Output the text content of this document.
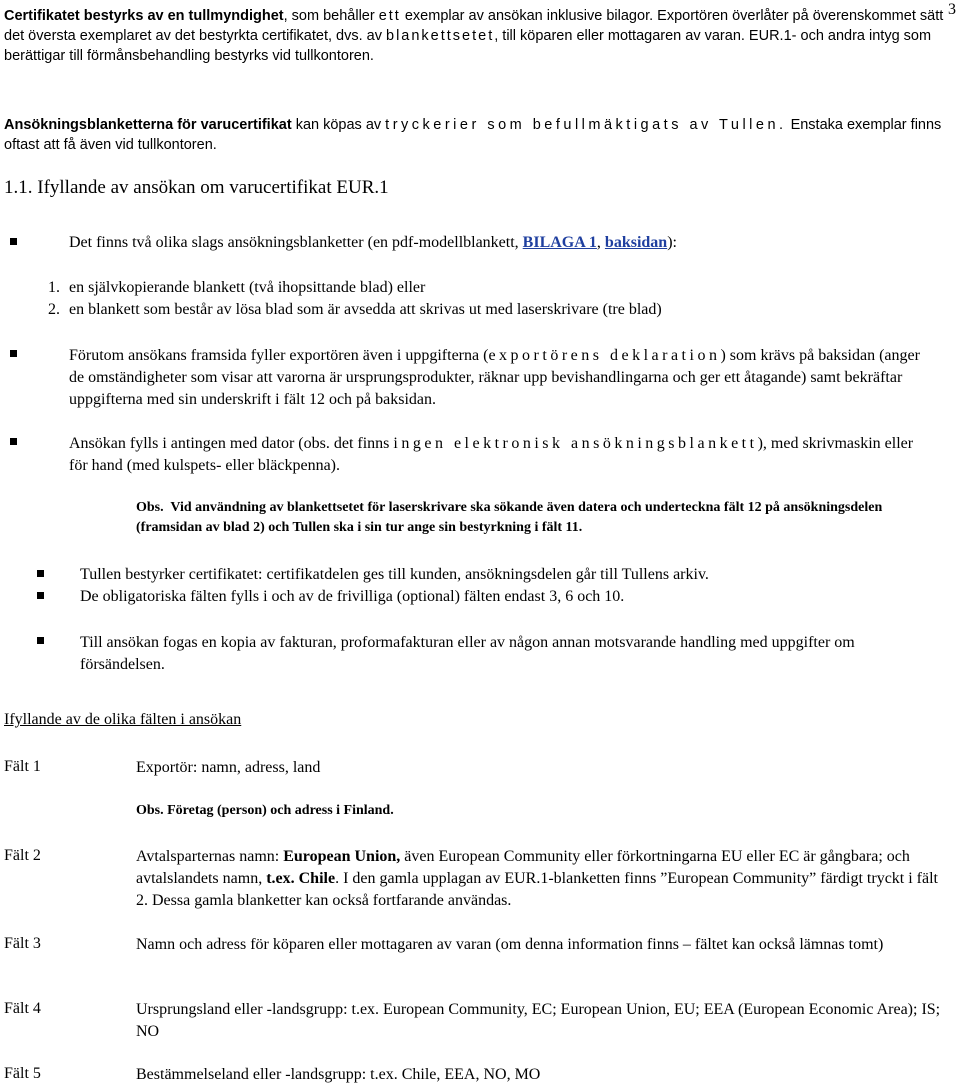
3
Certifikatet bestyrks av en tullmyndighet, som behåller ett exemplar av ansökan inklusive bilagor. Exportören överlåter på överenskommet sätt det översta exemplaret av det bestyrkta certifikatet, dvs. av blankettsetet, till köparen eller mottagaren av varan. EUR.1- och andra intyg som berättigar till förmånsbehandling bestyrks vid tullkontoren.
Ansökningsblanketterna för varucertifikat kan köpas av tryckerier som befullmäktigats av Tullen. Enstaka exemplar finns oftast att få även vid tullkontoren.
1.1. Ifyllande av ansökan om varucertifikat EUR.1
Det finns två olika slags ansökningsblanketter (en pdf-modellblankett, BILAGA 1, baksidan):
1. en självkopierande blankett (två ihopsittande blad) eller
2. en blankett som består av lösa blad som är avsedda att skrivas ut med laserskrivare (tre blad)
Förutom ansökans framsida fyller exportören även i uppgifterna (exportörens deklaration) som krävs på baksidan (anger de omständigheter som visar att varorna är ursprungsprodukter, räknar upp bevishandlingarna och ger ett åtagande) samt bekräftar uppgifterna med sin underskrift i fält 12 och på baksidan.
Ansökan fylls i antingen med dator (obs. det finns ingen elektronisk ansökningsblankett), med skrivmaskin eller för hand (med kulspets- eller bläckpenna).
Obs. Vid användning av blankettsetet för laserskrivare ska sökande även datera och underteckna fält 12 på ansökningsdelen (framsidan av blad 2) och Tullen ska i sin tur ange sin bestyrkning i fält 11.
Tullen bestyrker certifikatet: certifikatdelen ges till kunden, ansökningsdelen går till Tullens arkiv.
De obligatoriska fälten fylls i och av de frivilliga (optional) fälten endast 3, 6 och 10.
Till ansökan fogas en kopia av fakturan, proformafakturan eller av någon annan motsvarande handling med uppgifter om försändelsen.
Ifyllande av de olika fälten i ansökan
Fält 1	Exportör: namn, adress, land
Obs. Företag (person) och adress i Finland.
Fält 2	Avtalsparternas namn: European Union, även European Community eller förkortningarna EU eller EC är gångbara; och avtalslandets namn, t.ex. Chile. I den gamla upplagan av EUR.1-blanketten finns ”European Community” färdigt tryckt i fält 2. Dessa gamla blanketter kan också fortfarande användas.
Fält 3	Namn och adress för köparen eller mottagaren av varan (om denna information finns – fältet kan också lämnas tomt)
Fält 4	Ursprungsland eller -landsgrupp: t.ex. European Community, EC; European Union, EU; EEA (European Economic Area); IS; NO
Fält 5	Bestämmelseland eller -landsgrupp: t.ex. Chile, EEA, NO, MO
